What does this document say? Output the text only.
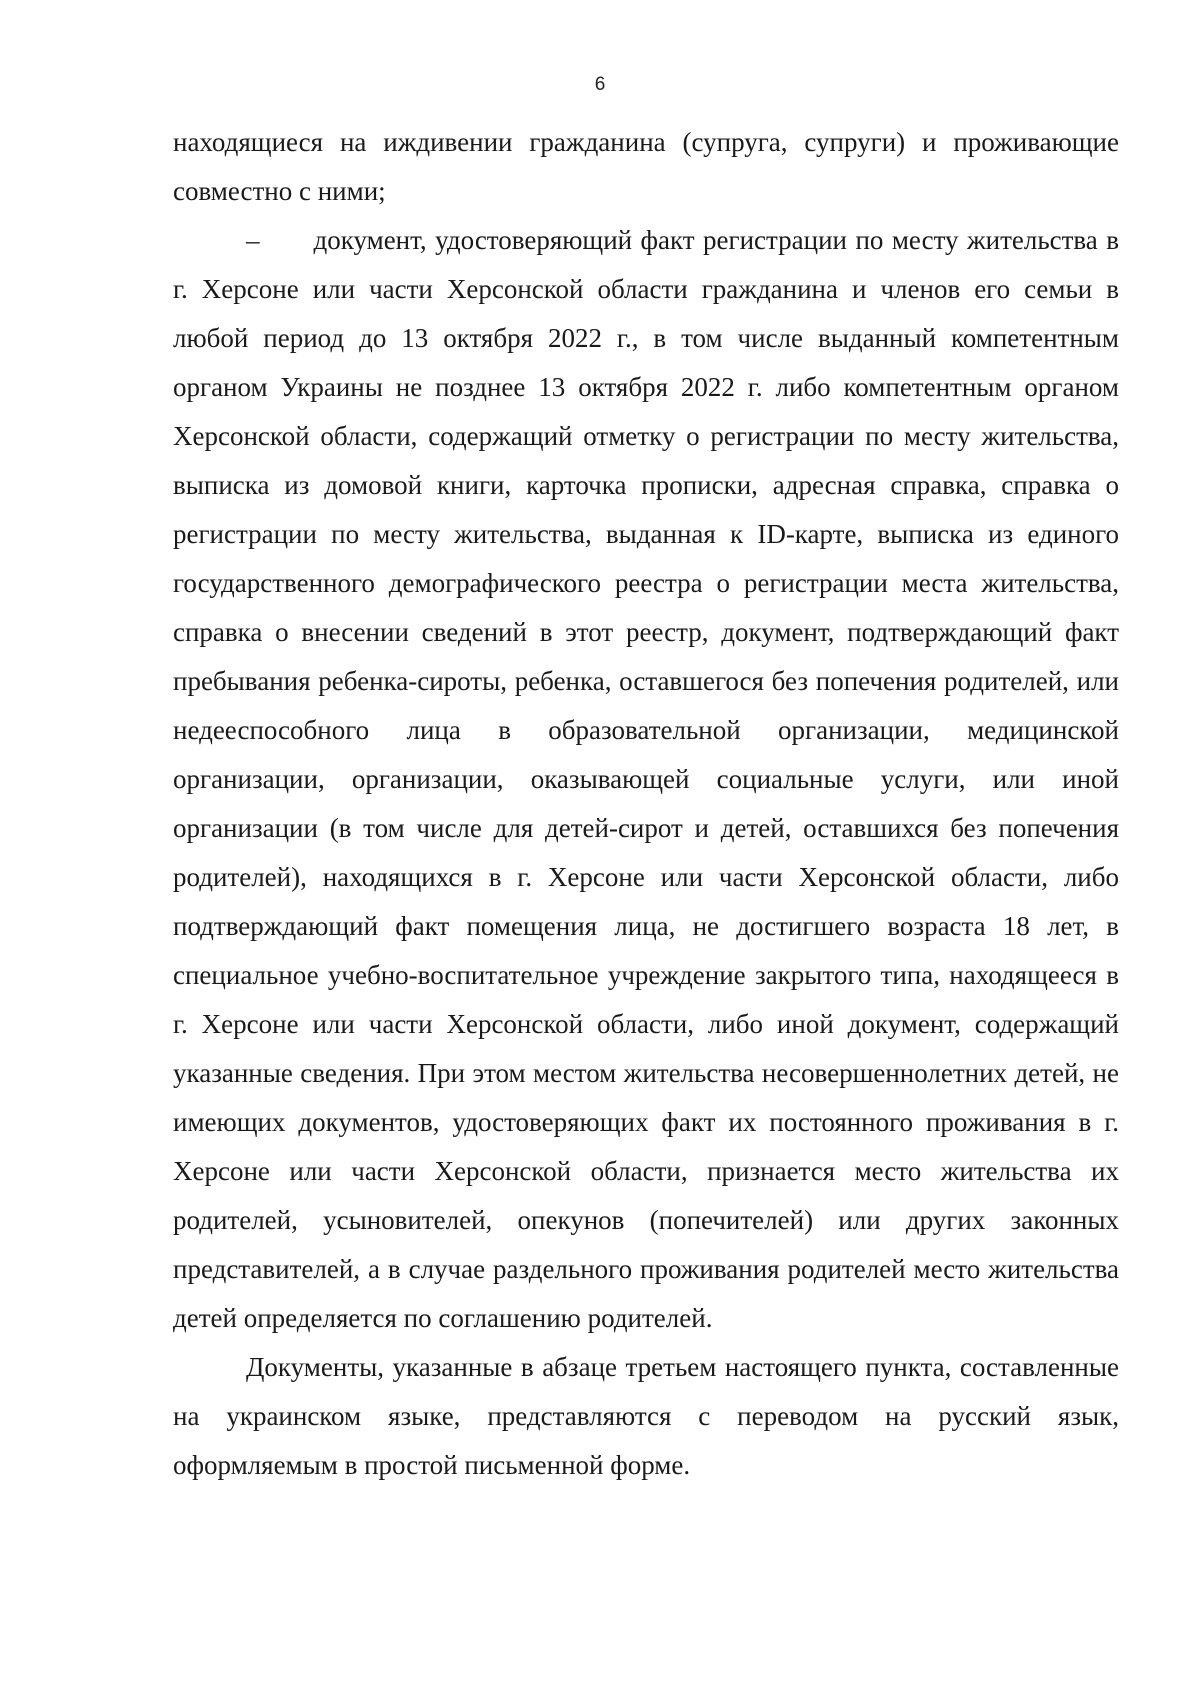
6

находящиеся на иждивении гражданина (супруга, супруги) и проживающие совместно с ними;

–  документ, удостоверяющий факт регистрации по месту жительства в г. Херсоне или части Херсонской области гражданина и членов его семьи в любой период до 13 октября 2022 г., в том числе выданный компетентным органом Украины не позднее 13 октября 2022 г. либо компетентным органом Херсонской области, содержащий отметку о регистрации по месту жительства, выписка из домовой книги, карточка прописки, адресная справка, справка о регистрации по месту жительства, выданная к ID-карте, выписка из единого государственного демографического реестра о регистрации места жительства, справка о внесении сведений в этот реестр, документ, подтверждающий факт пребывания ребенка-сироты, ребенка, оставшегося без попечения родителей, или недееспособного лица в образовательной организации, медицинской организации, организации, оказывающей социальные услуги, или иной организации (в том числе для детей-сирот и детей, оставшихся без попечения родителей), находящихся в г. Херсоне или части Херсонской области, либо подтверждающий факт помещения лица, не достигшего возраста 18 лет, в специальное учебно-воспитательное учреждение закрытого типа, находящееся в г. Херсоне или части Херсонской области, либо иной документ, содержащий указанные сведения. При этом местом жительства несовершеннолетних детей, не имеющих документов, удостоверяющих факт их постоянного проживания в г. Херсоне или части Херсонской области, признается место жительства их родителей, усыновителей, опекунов (попечителей) или других законных представителей, а в случае раздельного проживания родителей место жительства детей определяется по соглашению родителей.

Документы, указанные в абзаце третьем настоящего пункта, составленные на украинском языке, представляются с переводом на русский язык, оформляемым в простой письменной форме.
